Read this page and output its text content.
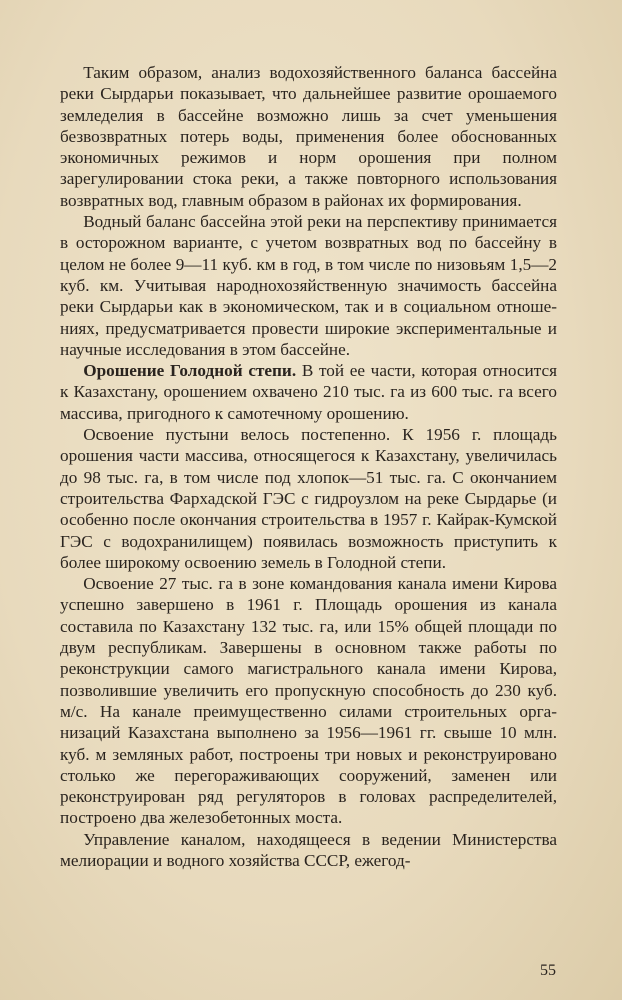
Таким образом, анализ водохозяйственного баланса бассейна реки Сырдарьи показывает, что дальнейшее развитие орошаемого земледелия в бассейне возможно лишь за счет уменьшения безвозвратных потерь воды, применения более обоснованных экономичных режимов и норм орошения при полном зарегулировании стока реки, а также повторного использования возвратных вод, главным образом в районах их формирования.

Водный баланс бассейна этой реки на перспективу принимается в осторожном варианте, с учетом возвратных вод по бассейну в целом не более 9—11 куб. км в год, в том числе по низовьям 1,5—2 куб. км. Учитывая народнохозяйственную значимость бассейна реки Сырдарьи как в экономическом, так и в социальном отношениях, предусматривается провести широкие экспериментальные и научные исследования в этом бассейне.

Орошение Голодной степи. В той ее части, которая относится к Казахстану, орошением охвачено 210 тыс. га из 600 тыс. га всего массива, пригодного к самотечному орошению.

Освоение пустыни велось постепенно. К 1956 г. площадь орошения части массива, относящегося к Казахстану, увеличилась до 98 тыс. га, в том числе под хлопок—51 тыс. га. С окончанием строительства Фархадской ГЭС с гидроузлом на реке Сырдарье (и особенно после окончания строительства в 1957 г. Кайрак-Кумской ГЭС с водохранилищем) появилась возможность приступить к более широкому освоению земель в Голодной степи.

Освоение 27 тыс. га в зоне командования канала имени Кирова успешно завершено в 1961 г. Площадь орошения из канала составила по Казахстану 132 тыс. га, или 15% общей площади по двум республикам. Завершены в основном также работы по реконструкции самого магистрального канала имени Кирова, позволившие увеличить его пропускную способность до 230 куб. м/с. На канале преимущественно силами строительных организаций Казахстана выполнено за 1956—1961 гг. свыше 10 млн. куб. м земляных работ, построены три новых и реконструировано столько же перегораживающих сооружений, заменен или реконструирован ряд регуляторов в головах распределителей, построено два железобетонных моста.

Управление каналом, находящееся в ведении Министерства мелиорации и водного хозяйства СССР, ежегод-

55
